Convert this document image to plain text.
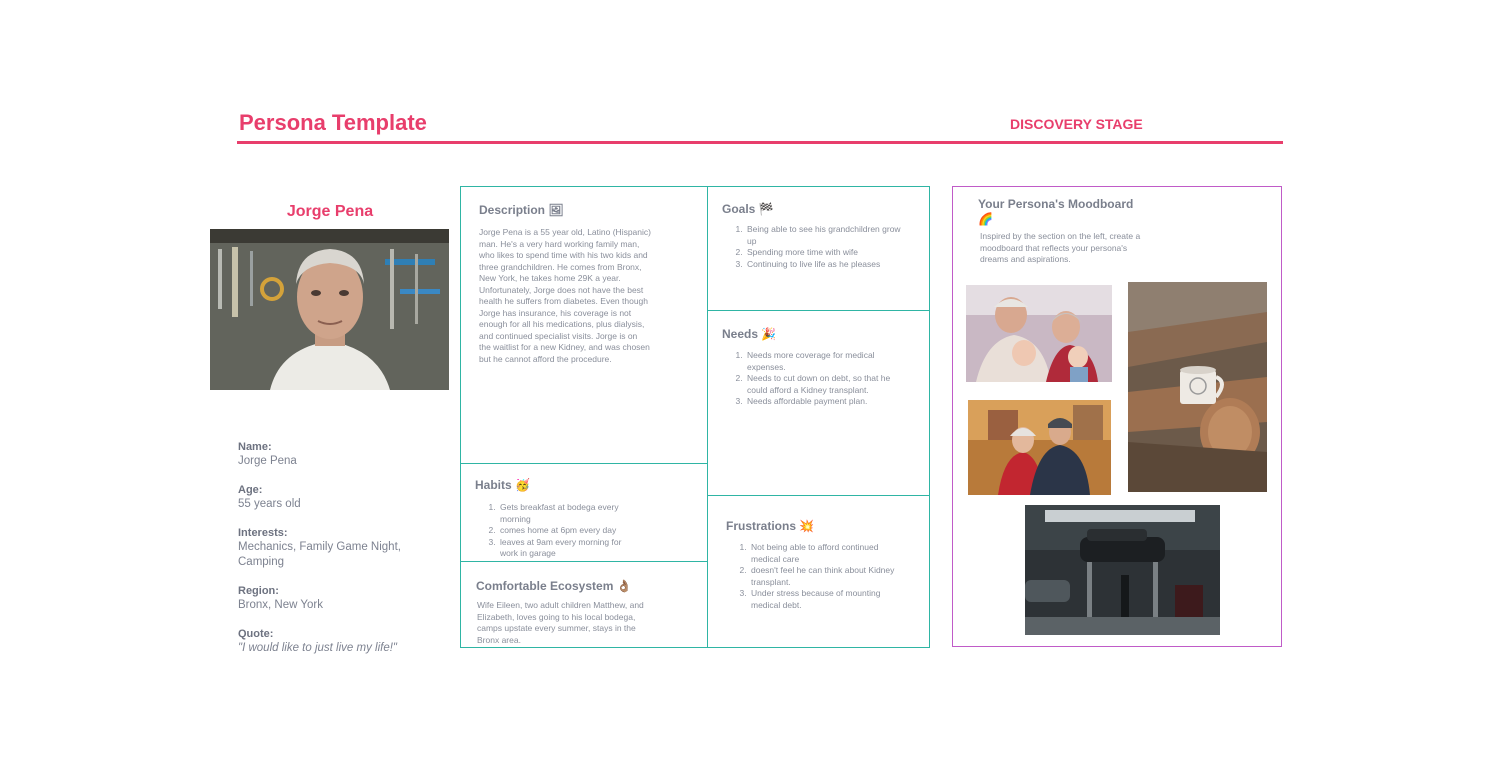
Persona Template	DISCOVERY STAGE
Jorge Pena
Name:
Jorge Pena
Age:
55 years old
Interests:
Mechanics, Family Game Night, Camping
Region:
Bronx, New York
Quote:
"I would like to just live my life!"
Description 🖼
Jorge Pena is a 55 year old, Latino (Hispanic) man. He's a very hard working family man, who likes to spend time with his two kids and three grandchildren. He comes from Bronx, New York, he takes home 29K a year. Unfortunately, Jorge does not have the best health he suffers from diabetes. Even though Jorge has insurance, his coverage is not enough for all his medications, plus dialysis, and continued specialist visits. Jorge is on the waitlist for a new Kidney, and was chosen but he cannot afford the procedure.
Goals 🏁
1. Being able to see his grandchildren grow up
2. Spending more time with wife
3. Continuing to live life as he pleases
Needs 🎉
1. Needs more coverage for medical expenses.
2. Needs to cut down on debt, so that he could afford a Kidney transplant.
3. Needs affordable payment plan.
Habits 🥳
1. Gets breakfast at bodega every morning
2. comes home at 6pm every day
3. leaves at 9am every morning for work in garage
Frustrations 💥
1. Not being able to afford continued medical care
2. doesn't feel he can think about Kidney transplant.
3. Under stress because of mounting medical debt.
Comfortable Ecosystem 👌🏽
Wife Eileen, two adult children Matthew, and Elizabeth, loves going to his local bodega, camps upstate every summer, stays in the Bronx area.
Your Persona's Moodboard 🌈
Inspired by the section on the left, create a moodboard that reflects your persona's dreams and aspirations.
